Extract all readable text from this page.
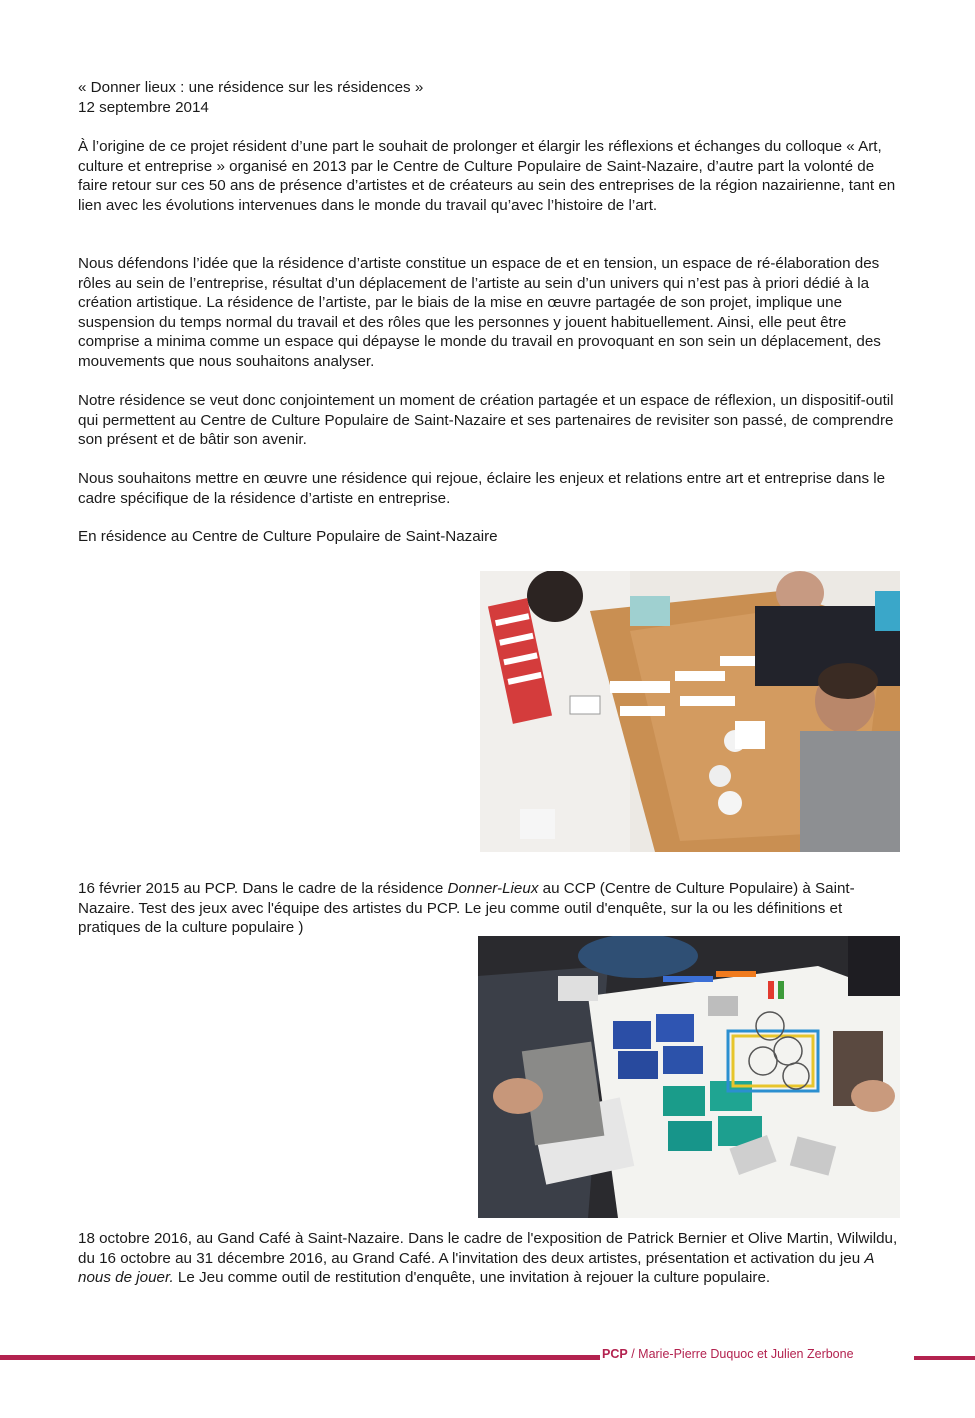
« Donner lieux : une résidence sur les résidences »

12 septembre 2014

À l’origine de ce projet résident d’une part le souhait de prolonger et élargir les réflexions et échanges du colloque « Art, culture et entreprise » organisé en 2013 par le Centre de Culture Populaire de Saint-Nazaire, d’autre part la volonté de faire retour sur ces 50 ans de présence d’artistes et de créateurs au sein des entreprises de la région nazairienne, tant en lien avec les évolutions intervenues dans le monde du travail qu’avec l’histoire de l’art.

Nous défendons l’idée que la résidence d’artiste constitue un espace de et en tension, un espace de ré-élaboration des rôles au sein de l’entreprise, résultat d’un déplacement de l’artiste au sein d’un univers qui n’est pas à priori dédié à la création artistique. La résidence de l’artiste, par le biais de la mise en œuvre partagée de son projet, implique une suspension du temps normal du travail et des rôles que les personnes y jouent habituellement. Ainsi, elle peut être comprise a minima comme un espace qui dépayse le monde du travail en provoquant en son sein un déplacement, des mouvements que nous souhaitons analyser.

Notre résidence se veut donc conjointement un moment de création partagée et un espace de réflexion, un dispositif-outil qui permettent au Centre de Culture Populaire de Saint-Nazaire et ses partenaires de revisiter son passé, de comprendre son présent et de bâtir son avenir.

Nous souhaitons mettre en œuvre une résidence qui rejoue, éclaire les enjeux et relations entre art et entreprise dans le cadre spécifique de la résidence d’artiste en entreprise.

En résidence au Centre de Culture Populaire de Saint-Nazaire

16 février 2015 au PCP. Dans le cadre de la résidence Donner-Lieux au CCP (Centre de Culture Populaire) à Saint-Nazaire. Test des jeux avec l'équipe des artistes du PCP. Le jeu comme outil d'enquête, sur la ou les définitions et pratiques de la culture populaire )

18 octobre 2016, au Gand Café à Saint-Nazaire. Dans le cadre de l'exposition de Patrick Bernier et Olive Martin, Wilwildu, du 16 octobre au 31 décembre 2016, au Grand Café. A l'invitation des deux artistes, présentation et activation du jeu A nous de jouer. Le Jeu comme outil de restitution d'enquête, une invitation à rejouer la culture populaire.

PCP / Marie-Pierre Duquoc et Julien Zerbone
